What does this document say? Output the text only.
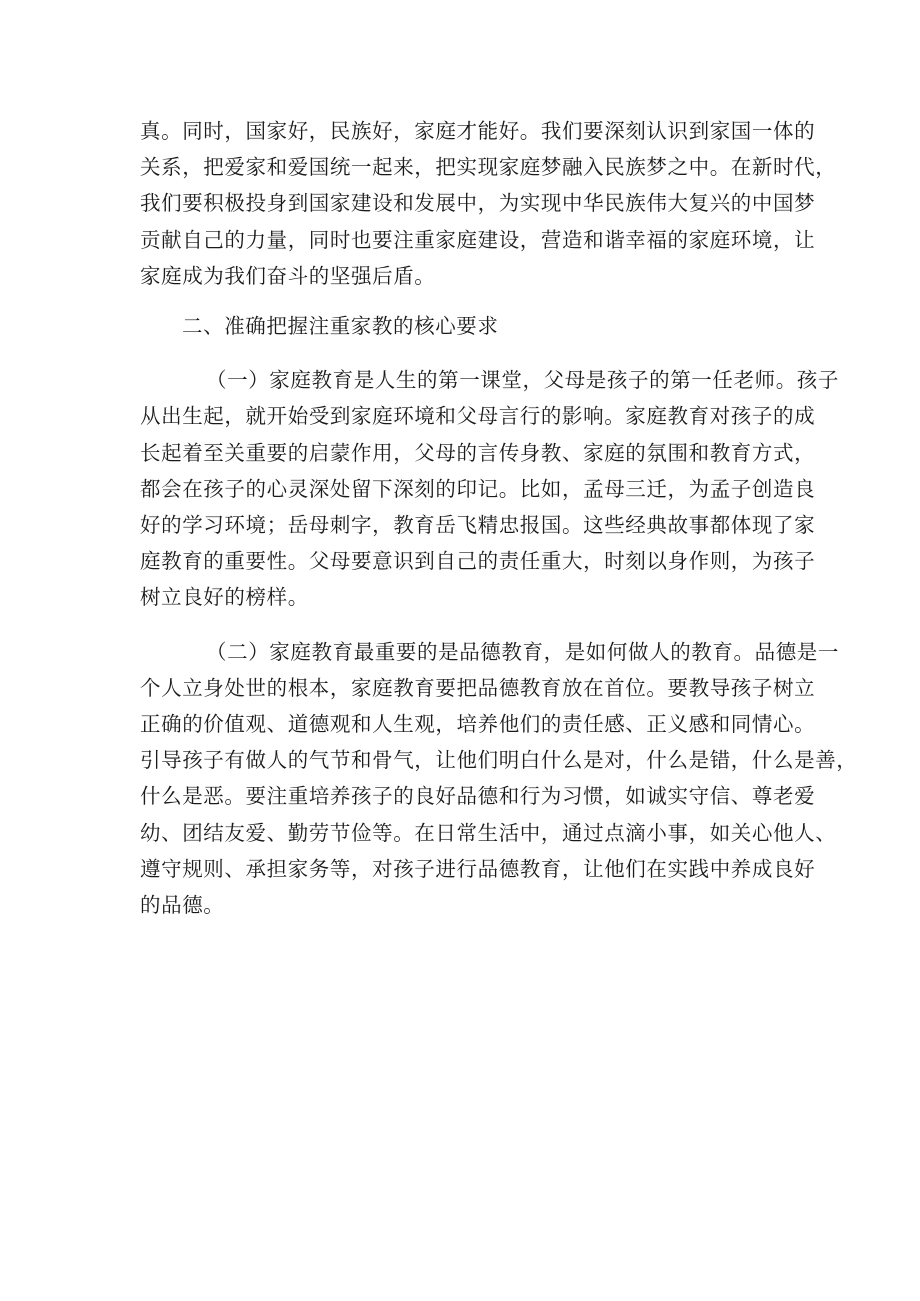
真。同时，国家好，民族好，家庭才能好。我们要深刻认识到家国一体的
关系，把爱家和爱国统一起来，把实现家庭梦融入民族梦之中。在新时代，
我们要积极投身到国家建设和发展中，为实现中华民族伟大复兴的中国梦
贡献自己的力量，同时也要注重家庭建设，营造和谐幸福的家庭环境，让
家庭成为我们奋斗的坚强后盾。
二、准确把握注重家教的核心要求
（一）家庭教育是人生的第一课堂，父母是孩子的第一任老师。孩子
从出生起，就开始受到家庭环境和父母言行的影响。家庭教育对孩子的成
长起着至关重要的启蒙作用，父母的言传身教、家庭的氛围和教育方式，
都会在孩子的心灵深处留下深刻的印记。比如，孟母三迁，为孟子创造良
好的学习环境；岳母刺字，教育岳飞精忠报国。这些经典故事都体现了家
庭教育的重要性。父母要意识到自己的责任重大，时刻以身作则，为孩子
树立良好的榜样。
（二）家庭教育最重要的是品德教育，是如何做人的教育。品德是一
个人立身处世的根本，家庭教育要把品德教育放在首位。要教导孩子树立
正确的价值观、道德观和人生观，培养他们的责任感、正义感和同情心。
引导孩子有做人的气节和骨气，让他们明白什么是对，什么是错，什么是善，
什么是恶。要注重培养孩子的良好品德和行为习惯，如诚实守信、尊老爱
幼、团结友爱、勤劳节俭等。在日常生活中，通过点滴小事，如关心他人、
遵守规则、承担家务等，对孩子进行品德教育，让他们在实践中养成良好
的品德。
